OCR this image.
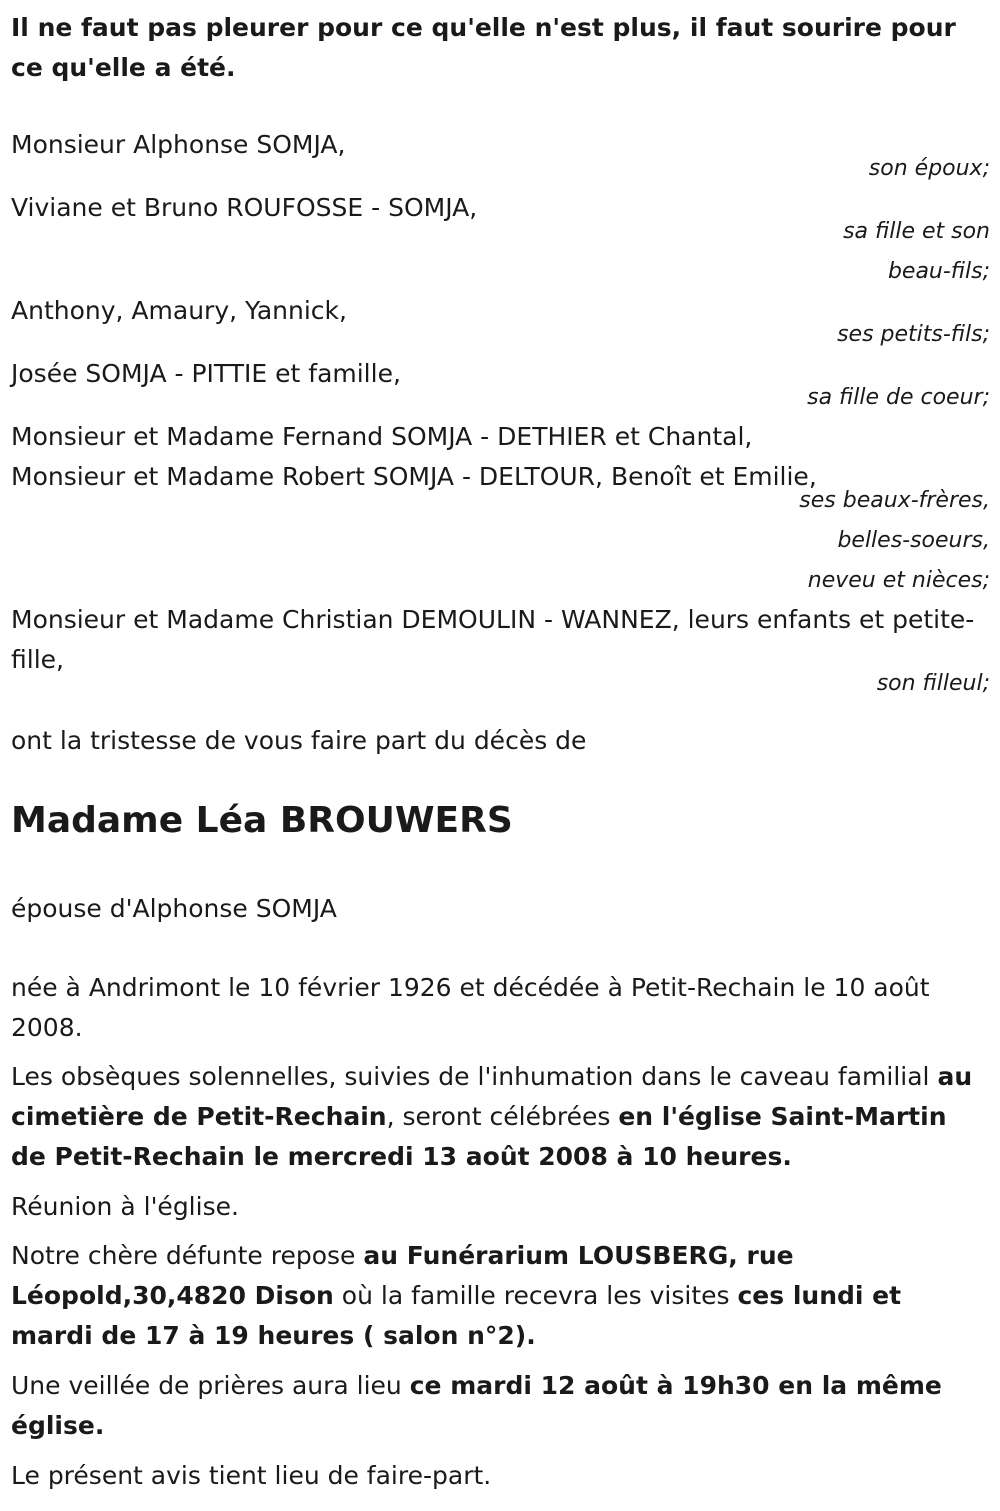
Il ne faut pas pleurer pour ce qu'elle n'est plus, il faut sourire pour ce qu'elle a été.

Monsieur Alphonse SOMJA,

son époux;

Viviane et Bruno ROUFOSSE - SOMJA,

sa fille et son

beau-fils;

Anthony, Amaury, Yannick,

ses petits-fils;

Josée SOMJA - PITTIE et famille,

sa fille de coeur;

Monsieur et Madame Fernand SOMJA - DETHIER et Chantal,

Monsieur et Madame Robert SOMJA - DELTOUR, Benoît et Emilie,

ses beaux-frères,

belles-soeurs,

neveu et nièces;

Monsieur et Madame Christian DEMOULIN - WANNEZ, leurs enfants et petite-fille,

son filleul;

ont la tristesse de vous faire part du décès de

Madame Léa BROUWERS

épouse d'Alphonse SOMJA

née à Andrimont le 10 février 1926 et décédée à Petit-Rechain le 10 août 2008.

Les obsèques solennelles, suivies de l'inhumation dans le caveau familial au cimetière de Petit-Rechain, seront célébrées en l'église Saint-Martin de Petit-Rechain le mercredi 13 août 2008 à 10 heures.

Réunion à l'église.

Notre chère défunte repose au Funérarium LOUSBERG, rue Léopold,30,4820 Dison où la famille recevra les visites ces lundi et mardi de 17 à 19 heures ( salon n°2).

Une veillée de prières aura lieu ce mardi 12 août à 19h30 en la même église.

Le présent avis tient lieu de faire-part.
